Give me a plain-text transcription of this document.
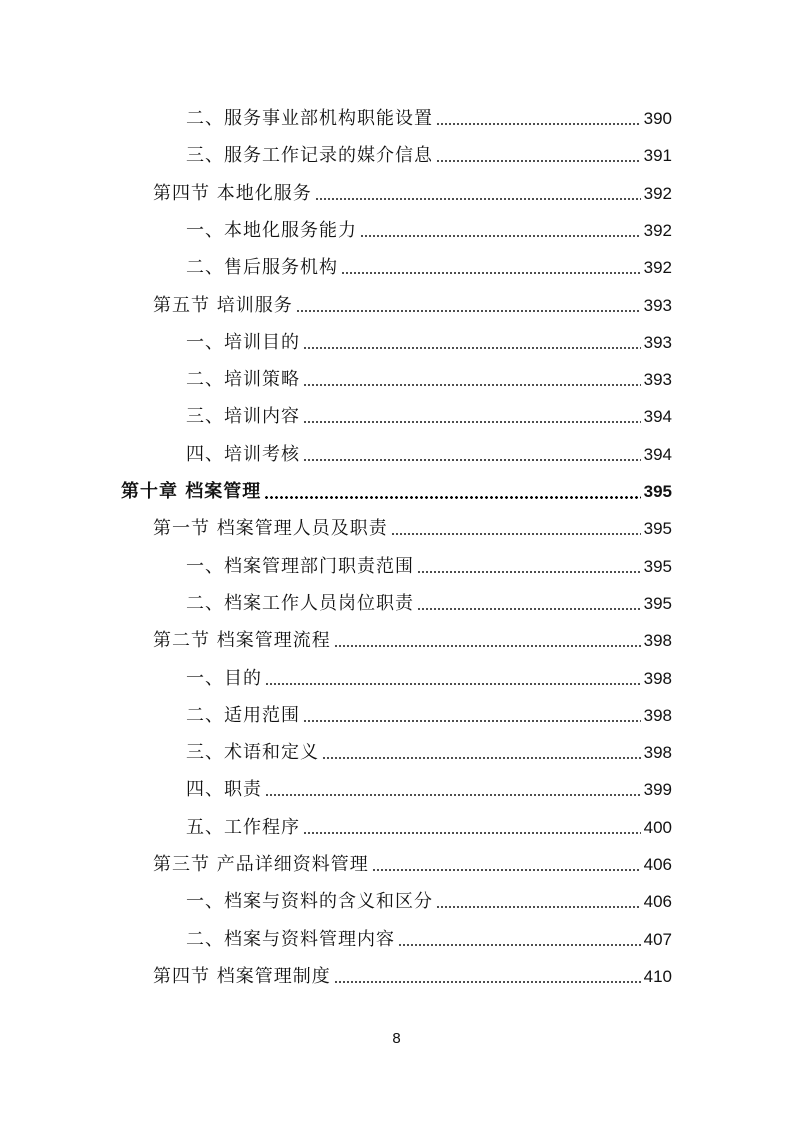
二、服务事业部机构职能设置	390
三、服务工作记录的媒介信息	391
第四节 本地化服务	392
一、本地化服务能力	392
二、售后服务机构	392
第五节 培训服务	393
一、培训目的	393
二、培训策略	393
三、培训内容	394
四、培训考核	394
第十章 档案管理	395
第一节 档案管理人员及职责	395
一、档案管理部门职责范围	395
二、档案工作人员岗位职责	395
第二节 档案管理流程	398
一、目的	398
二、适用范围	398
三、术语和定义	398
四、职责	399
五、工作程序	400
第三节 产品详细资料管理	406
一、档案与资料的含义和区分	406
二、档案与资料管理内容	407
第四节 档案管理制度	410
8
